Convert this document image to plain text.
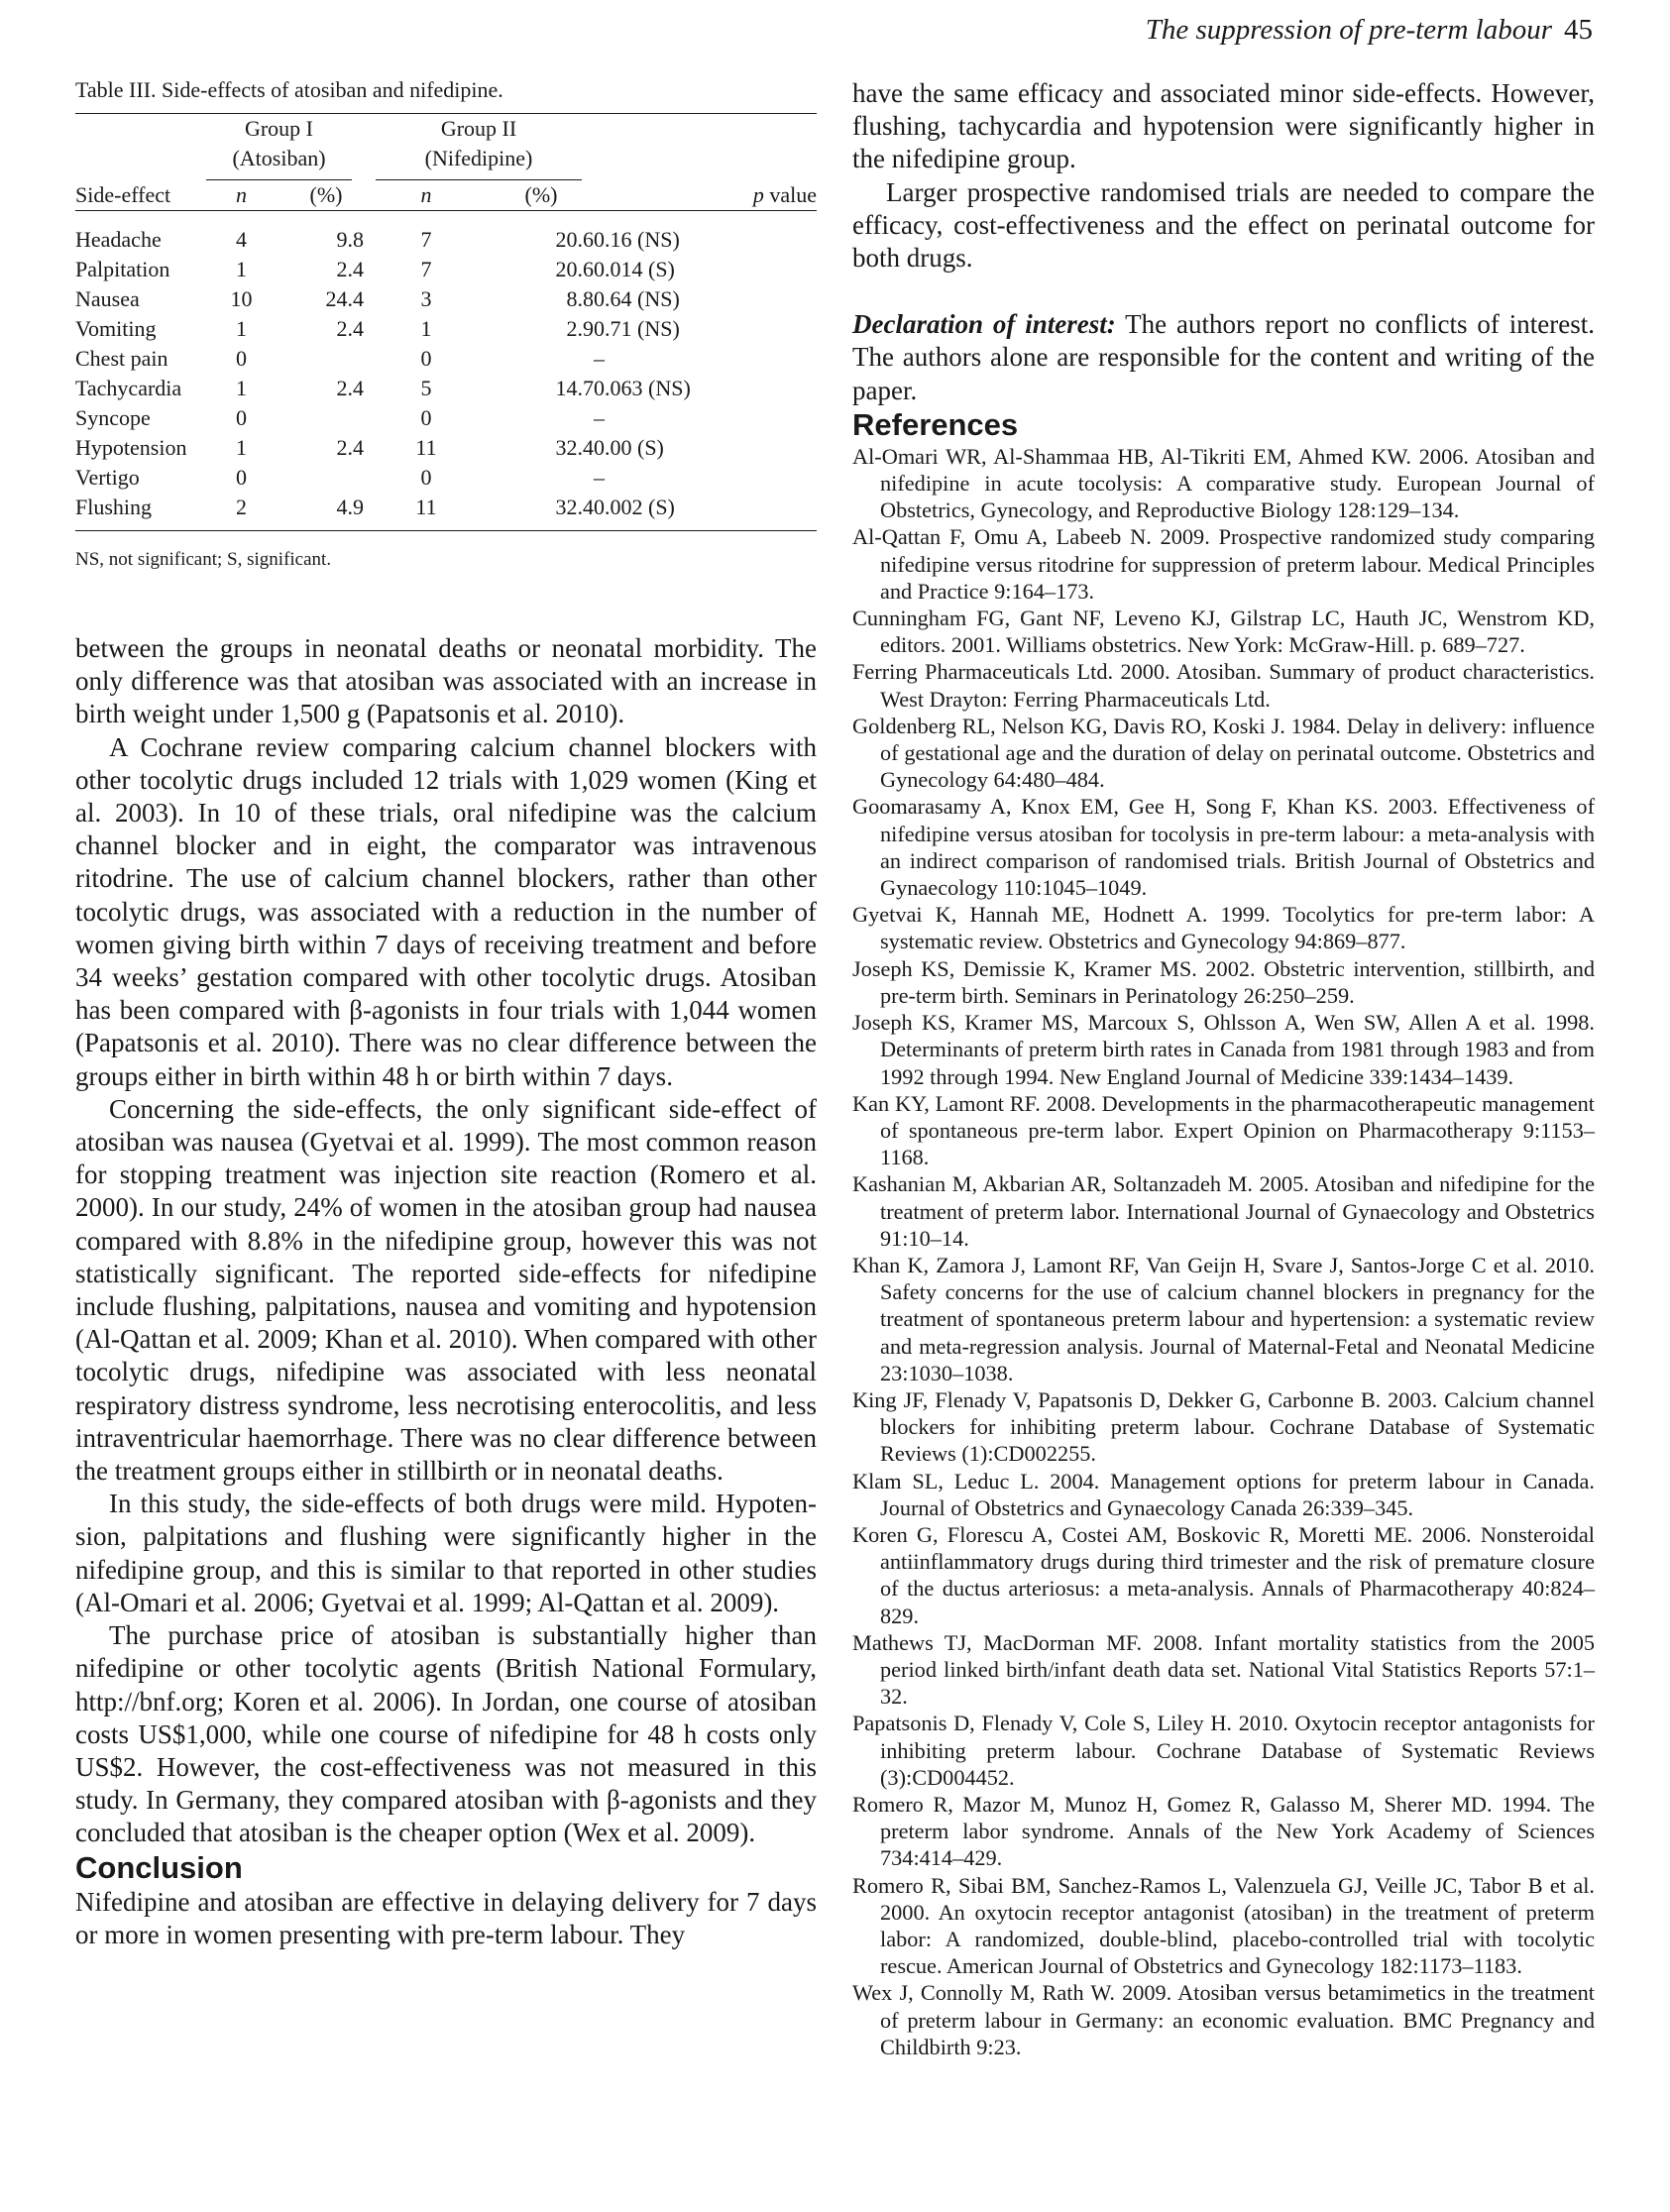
The suppression of pre-term labour 45
Table III. Side-effects of atosiban and nifedipine.

	Group I
(Atosiban)		Group II
(Nifedipine)		

Side-effect	n	(%)	n	(%)	p value

Headache	4	9.8	7	20.6	0.16 (NS)
Palpitation	1	2.4	7	20.6	0.014 (S)
Nausea	10	24.4	3	8.8	0.64 (NS)
Vomiting	1	2.4	1	2.9	0.71 (NS)
Chest pain	0		0		–
Tachycardia	1	2.4	5	14.7	0.063 (NS)
Syncope	0		0		–
Hypotension	1	2.4	11	32.4	0.00 (S)
Vertigo	0		0		–
Flushing	2	4.9	11	32.4	0.002 (S)
NS, not significant; S, significant.

between the groups in neonatal deaths or neonatal morbidity. The only difference was that atosiban was associated with an increase in birth weight under 1,500 g (Papatsonis et al. 2010).

A Cochrane review comparing calcium channel blockers with other tocolytic drugs included 12 trials with 1,029 women (King et al. 2003). In 10 of these trials, oral nifedipine was the calcium channel blocker and in eight, the comparator was intravenous ritodrine. The use of calcium channel blockers, rather than other tocolytic drugs, was associated with a reduction in the number of women giving birth within 7 days of receiving treatment and before 34 weeks’ gestation compared with other tocolytic drugs. Atosiban has been compared with β-agonists in four trials with 1,044 women (Papatsonis et al. 2010). There was no clear difference between the groups either in birth within 48 h or birth within 7 days.

Concerning the side-effects, the only significant side-effect of atosiban was nausea (Gyetvai et al. 1999). The most common reason for stopping treatment was injection site reaction (Romero et al. 2000). In our study, 24% of women in the atosiban group had nausea compared with 8.8% in the nifedipine group, however this was not statistically significant. The reported side-effects for nifedipine include flushing, palpitations, nausea and vomiting and hypotension (Al-Qattan et al. 2009; Khan et al. 2010). When compared with other tocolytic drugs, nifedipine was associated with less neonatal respiratory distress syndrome, less necrotising enterocolitis, and less intraventricular haemorrhage. There was no clear difference between the treatment groups either in stillbirth or in neonatal deaths.

In this study, the side-effects of both drugs were mild. Hypotension, palpitations and flushing were significantly higher in the nifedipine group, and this is similar to that reported in other studies (Al-Omari et al. 2006; Gyetvai et al. 1999; Al-Qattan et al. 2009).

The purchase price of atosiban is substantially higher than nifedipine or other tocolytic agents (British National Formulary, http://bnf.org; Koren et al. 2006). In Jordan, one course of atosiban costs US$1,000, while one course of nifedipine for 48 h costs only US$2. However, the cost-effectiveness was not measured in this study. In Germany, they compared atosiban with β-agonists and they concluded that atosiban is the cheaper option (Wex et al. 2009).

Conclusion

Nifedipine and atosiban are effective in delaying delivery for 7 days or more in women presenting with pre-term labour. They

have the same efficacy and associated minor side-effects. However, flushing, tachycardia and hypotension were significantly higher in the nifedipine group.

Larger prospective randomised trials are needed to compare the efficacy, cost-effectiveness and the effect on perinatal outcome for both drugs.

Declaration of interest: The authors report no conflicts of interest. The authors alone are responsible for the content and writing of the paper.
References

Al-Omari WR, Al-Shammaa HB, Al-Tikriti EM, Ahmed KW. 2006. Atosiban and nifedipine in acute tocolysis: A comparative study. European Journal of Obstetrics, Gynecology, and Reproductive Biology 128:129–134.

Al-Qattan F, Omu A, Labeeb N. 2009. Prospective randomized study comparing nifedipine versus ritodrine for suppression of preterm labour. Medical Principles and Practice 9:164–173.

Cunningham FG, Gant NF, Leveno KJ, Gilstrap LC, Hauth JC, Wenstrom KD, editors. 2001. Williams obstetrics. New York: McGraw-Hill. p. 689–727.

Ferring Pharmaceuticals Ltd. 2000. Atosiban. Summary of product characteristics. West Drayton: Ferring Pharmaceuticals Ltd.

Goldenberg RL, Nelson KG, Davis RO, Koski J. 1984. Delay in delivery: influence of gestational age and the duration of delay on perinatal outcome. Obstetrics and Gynecology 64:480–484.

Goomarasamy A, Knox EM, Gee H, Song F, Khan KS. 2003. Effectiveness of nifedipine versus atosiban for tocolysis in pre-term labour: a meta-analysis with an indirect comparison of randomised trials. British Journal of Obstetrics and Gynaecology 110:1045–1049.

Gyetvai K, Hannah ME, Hodnett A. 1999. Tocolytics for pre-term labor: A systematic review. Obstetrics and Gynecology 94:869–877.

Joseph KS, Demissie K, Kramer MS. 2002. Obstetric intervention, stillbirth, and pre-term birth. Seminars in Perinatology 26:250–259.

Joseph KS, Kramer MS, Marcoux S, Ohlsson A, Wen SW, Allen A et al. 1998. Determinants of preterm birth rates in Canada from 1981 through 1983 and from 1992 through 1994. New England Journal of Medicine 339:1434–1439.

Kan KY, Lamont RF. 2008. Developments in the pharmacotherapeutic management of spontaneous pre-term labor. Expert Opinion on Pharmacotherapy 9:1153–1168.

Kashanian M, Akbarian AR, Soltanzadeh M. 2005. Atosiban and nifedipine for the treatment of preterm labor. International Journal of Gynaecology and Obstetrics 91:10–14.

Khan K, Zamora J, Lamont RF, Van Geijn H, Svare J, Santos-Jorge C et al. 2010. Safety concerns for the use of calcium channel blockers in pregnancy for the treatment of spontaneous preterm labour and hypertension: a systematic review and meta-regression analysis. Journal of Maternal-Fetal and Neonatal Medicine 23:1030–1038.

King JF, Flenady V, Papatsonis D, Dekker G, Carbonne B. 2003. Calcium channel blockers for inhibiting preterm labour. Cochrane Database of Systematic Reviews (1):CD002255.

Klam SL, Leduc L. 2004. Management options for preterm labour in Canada. Journal of Obstetrics and Gynaecology Canada 26:339–345.

Koren G, Florescu A, Costei AM, Boskovic R, Moretti ME. 2006. Nonsteroidal antiinflammatory drugs during third trimester and the risk of premature closure of the ductus arteriosus: a meta-analysis. Annals of Pharmacotherapy 40:824–829.

Mathews TJ, MacDorman MF. 2008. Infant mortality statistics from the 2005 period linked birth/infant death data set. National Vital Statistics Reports 57:1–32.

Papatsonis D, Flenady V, Cole S, Liley H. 2010. Oxytocin receptor antagonists for inhibiting preterm labour. Cochrane Database of Systematic Reviews (3):CD004452.

Romero R, Mazor M, Munoz H, Gomez R, Galasso M, Sherer MD. 1994. The preterm labor syndrome. Annals of the New York Academy of Sciences 734:414–429.

Romero R, Sibai BM, Sanchez-Ramos L, Valenzuela GJ, Veille JC, Tabor B et al. 2000. An oxytocin receptor antagonist (atosiban) in the treatment of preterm labor: A randomized, double-blind, placebo-controlled trial with tocolytic rescue. American Journal of Obstetrics and Gynecology 182:1173–1183.

Wex J, Connolly M, Rath W. 2009. Atosiban versus betamimetics in the treatment of preterm labour in Germany: an economic evaluation. BMC Pregnancy and Childbirth 9:23.
